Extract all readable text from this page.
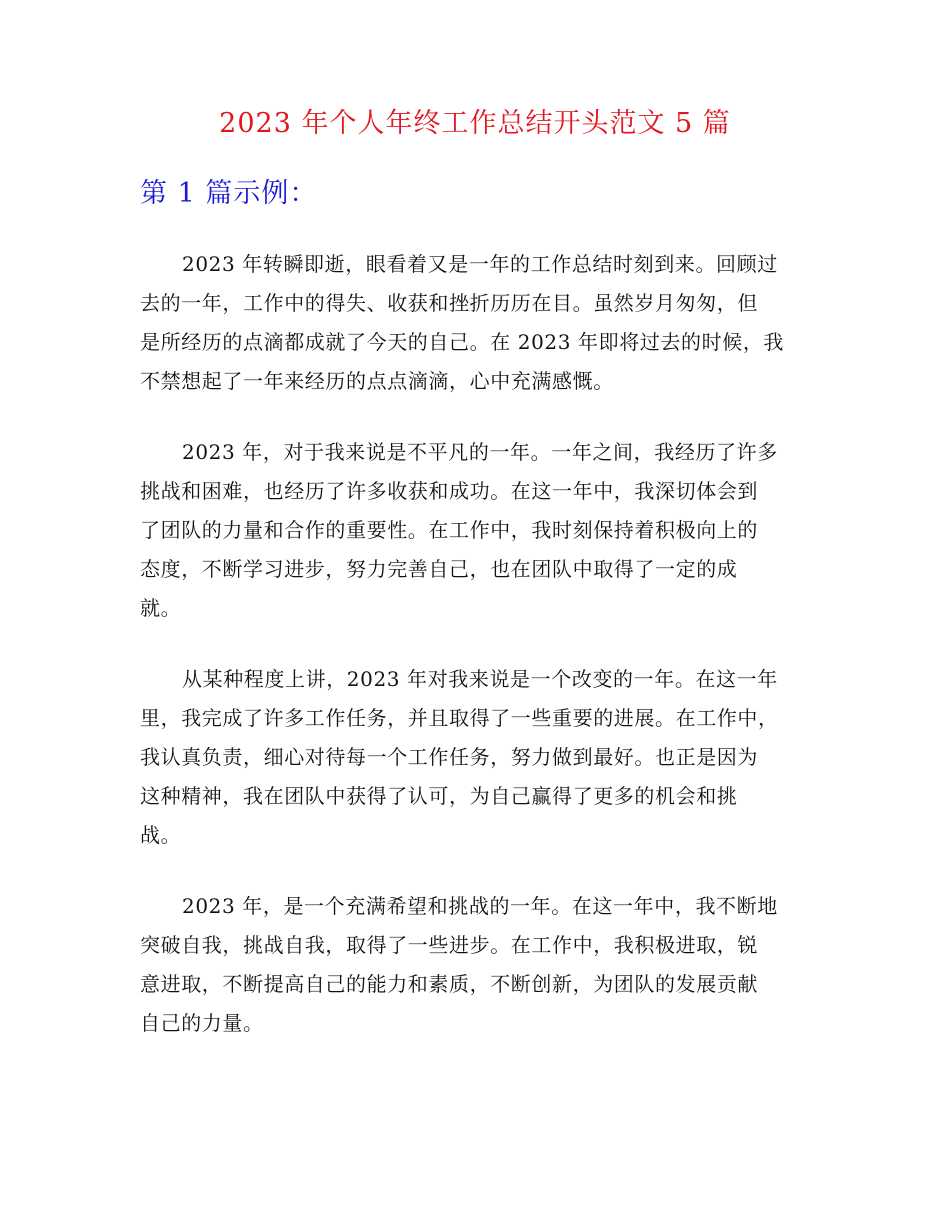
2023 年个人年终工作总结开头范文 5 篇
第 1 篇示例：
2023 年转瞬即逝，眼看着又是一年的工作总结时刻到来。回顾过
去的一年，工作中的得失、收获和挫折历历在目。虽然岁月匆匆，但
是所经历的点滴都成就了今天的自己。在 2023 年即将过去的时候，我
不禁想起了一年来经历的点点滴滴，心中充满感慨。
2023 年，对于我来说是不平凡的一年。一年之间，我经历了许多
挑战和困难，也经历了许多收获和成功。在这一年中，我深切体会到
了团队的力量和合作的重要性。在工作中，我时刻保持着积极向上的
态度，不断学习进步，努力完善自己，也在团队中取得了一定的成
就。
从某种程度上讲，2023 年对我来说是一个改变的一年。在这一年
里，我完成了许多工作任务，并且取得了一些重要的进展。在工作中，
我认真负责，细心对待每一个工作任务，努力做到最好。也正是因为
这种精神，我在团队中获得了认可，为自己赢得了更多的机会和挑
战。
2023 年，是一个充满希望和挑战的一年。在这一年中，我不断地
突破自我，挑战自我，取得了一些进步。在工作中，我积极进取，锐
意进取，不断提高自己的能力和素质，不断创新，为团队的发展贡献
自己的力量。
